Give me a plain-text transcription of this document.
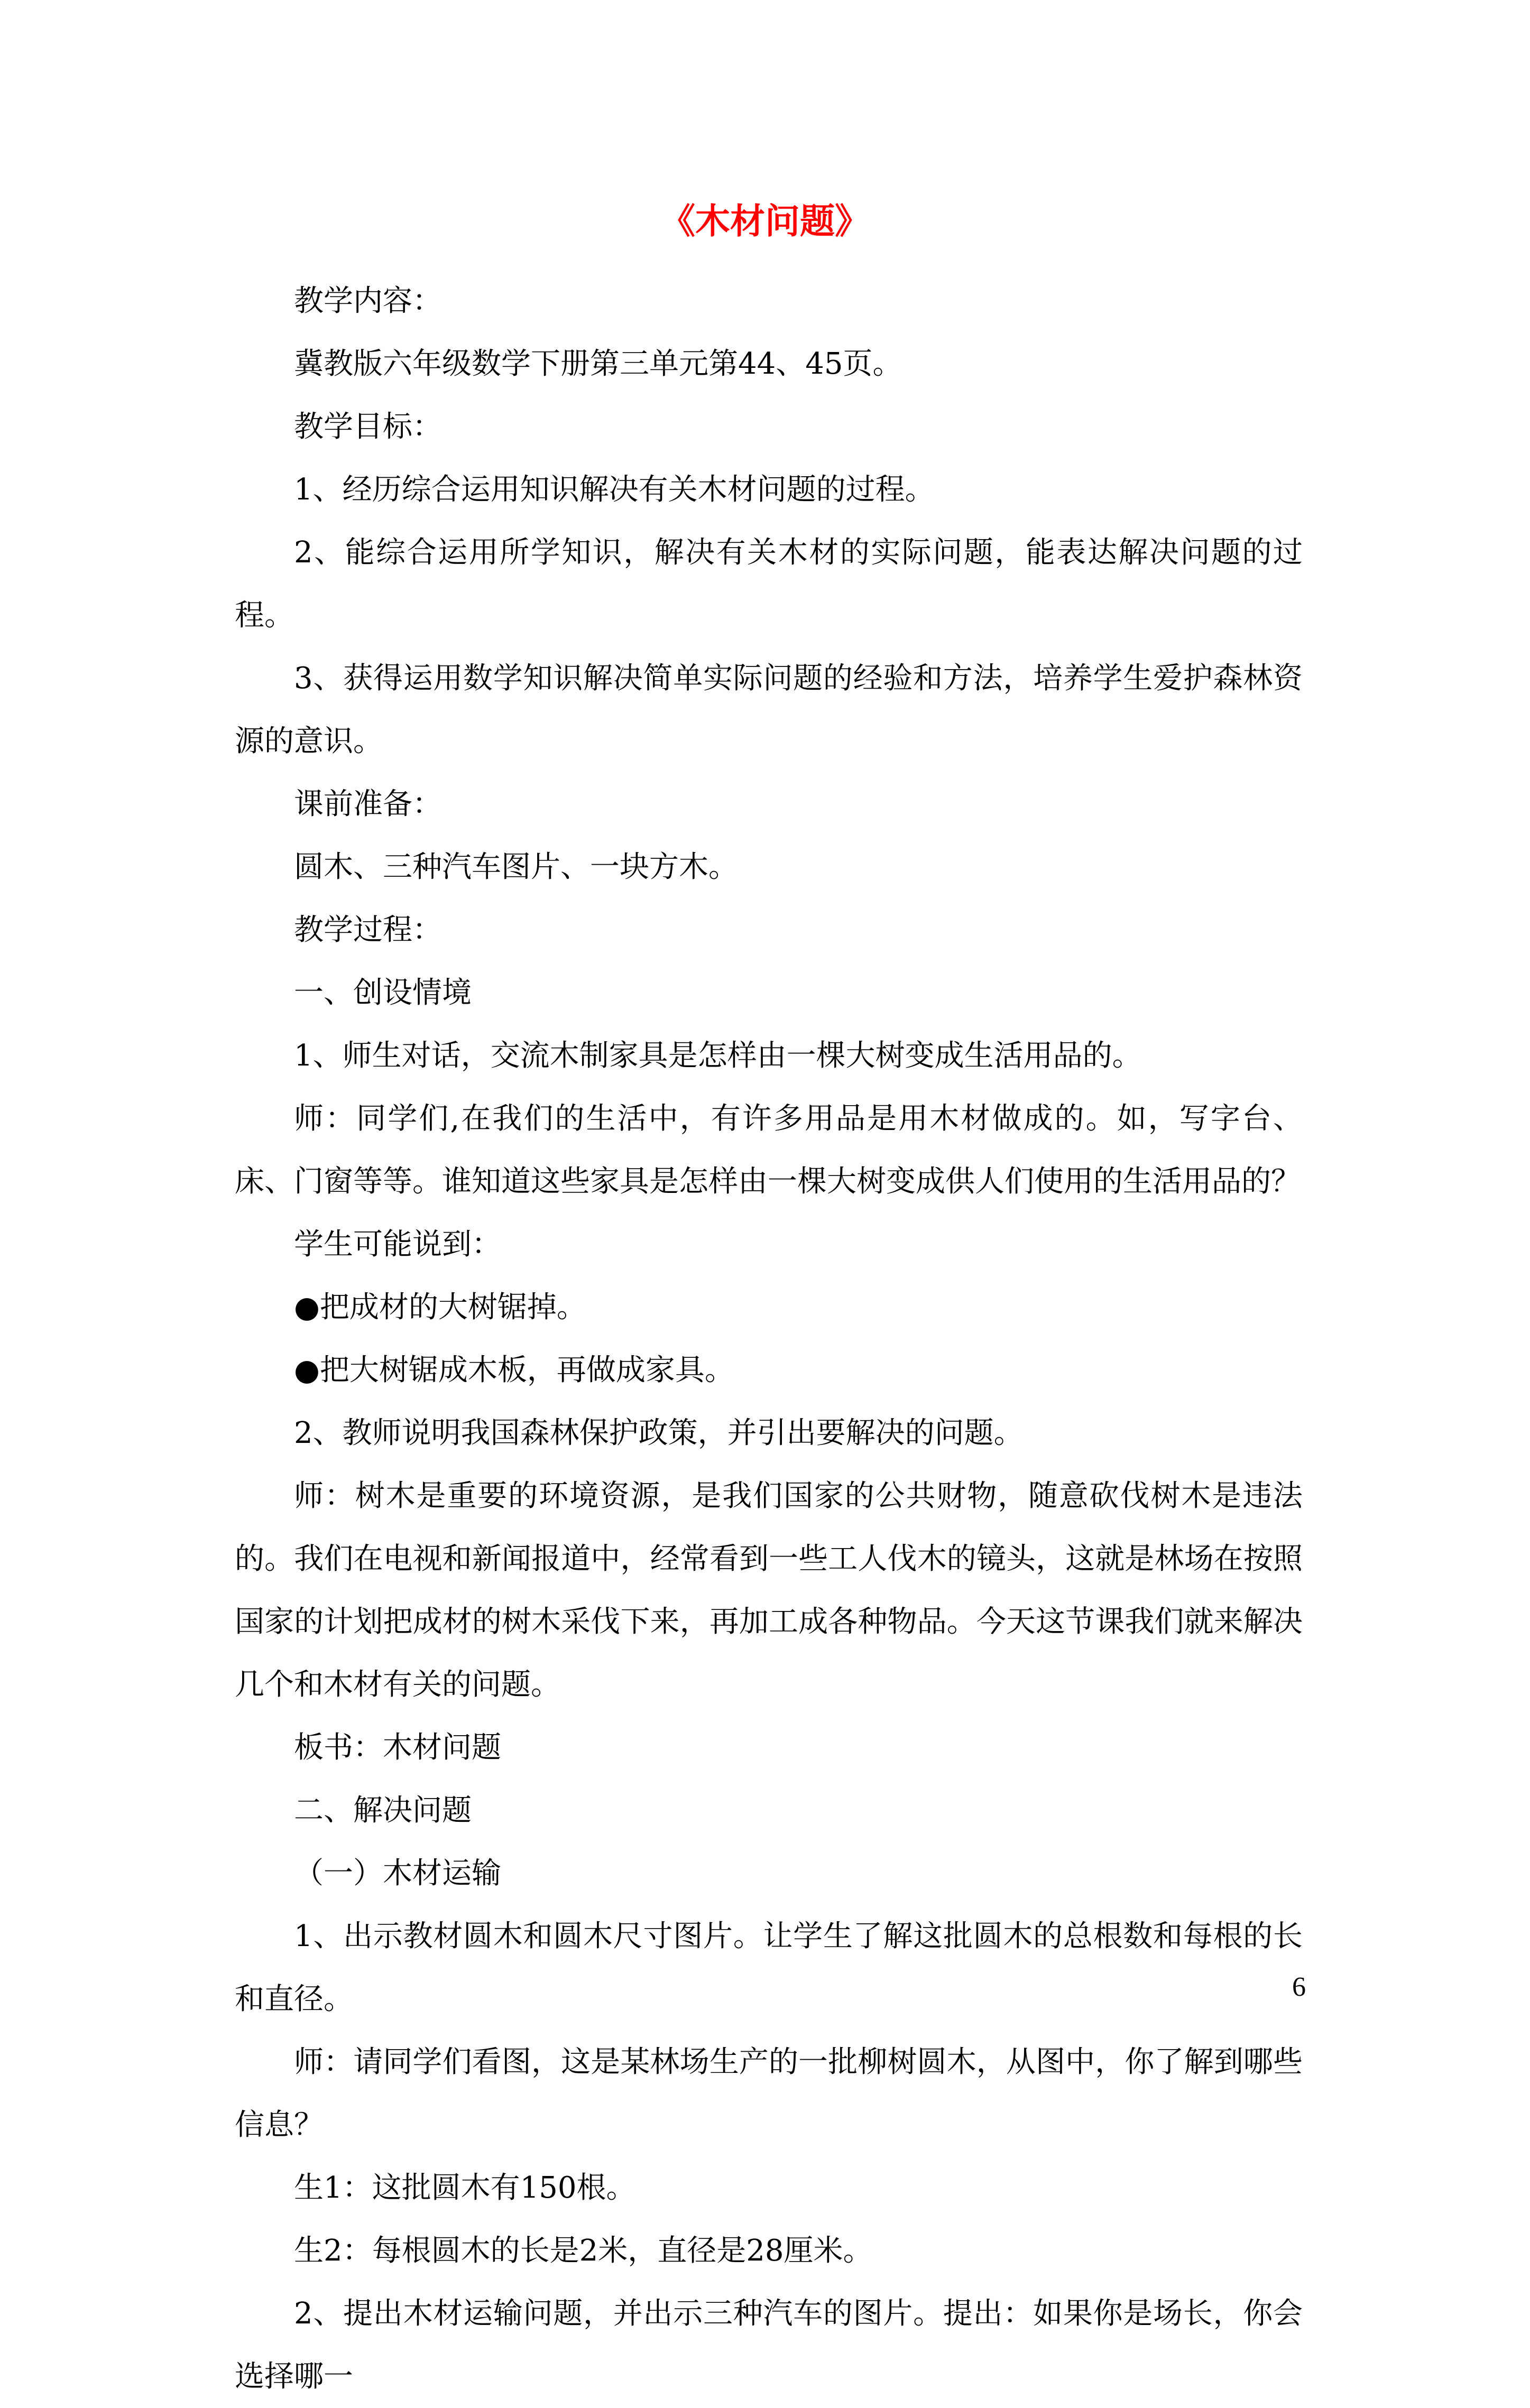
《木材问题》

教学内容：

冀教版六年级数学下册第三单元第44、45页。

教学目标：

1、经历综合运用知识解决有关木材问题的过程。

2、能综合运用所学知识，解决有关木材的实际问题，能表达解决问题的过程。

3、获得运用数学知识解决简单实际问题的经验和方法，培养学生爱护森林资源的意识。

课前准备：

圆木、三种汽车图片、一块方木。

教学过程：

一、创设情境

1、师生对话，交流木制家具是怎样由一棵大树变成生活用品的。

师：同学们,在我们的生活中，有许多用品是用木材做成的。如，写字台、床、门窗等等。谁知道这些家具是怎样由一棵大树变成供人们使用的生活用品的？

学生可能说到：

●把成材的大树锯掉。

●把大树锯成木板，再做成家具。

2、教师说明我国森林保护政策，并引出要解决的问题。

师：树木是重要的环境资源，是我们国家的公共财物，随意砍伐树木是违法的。我们在电视和新闻报道中，经常看到一些工人伐木的镜头，这就是林场在按照国家的计划把成材的树木采伐下来，再加工成各种物品。今天这节课我们就来解决几个和木材有关的问题。

板书：木材问题

二、解决问题

（一）木材运输

1、出示教材圆木和圆木尺寸图片。让学生了解这批圆木的总根数和每根的长和直径。

师：请同学们看图，这是某林场生产的一批柳树圆木，从图中，你了解到哪些信息？

生1：这批圆木有150根。

生2：每根圆木的长是2米，直径是28厘米。

2、提出木材运输问题，并出示三种汽车的图片。提出：如果你是场长，你会选择哪一

6
